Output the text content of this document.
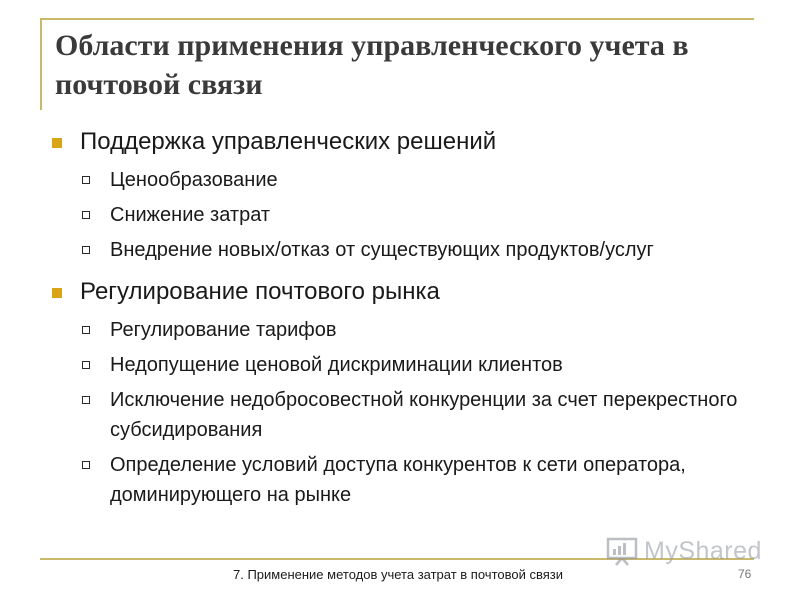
Области применения управленческого учета в почтовой связи
Поддержка управленческих решений
Ценообразование
Снижение затрат
Внедрение новых/отказ от существующих продуктов/услуг
Регулирование почтового рынка
Регулирование тарифов
Недопущение ценовой дискриминации клиентов
Исключение недобросовестной конкуренции за счет перекрестного субсидирования
Определение условий доступа конкурентов к сети оператора, доминирующего на рынке
MyShared
7. Применение методов учета затрат в почтовой связи	76
